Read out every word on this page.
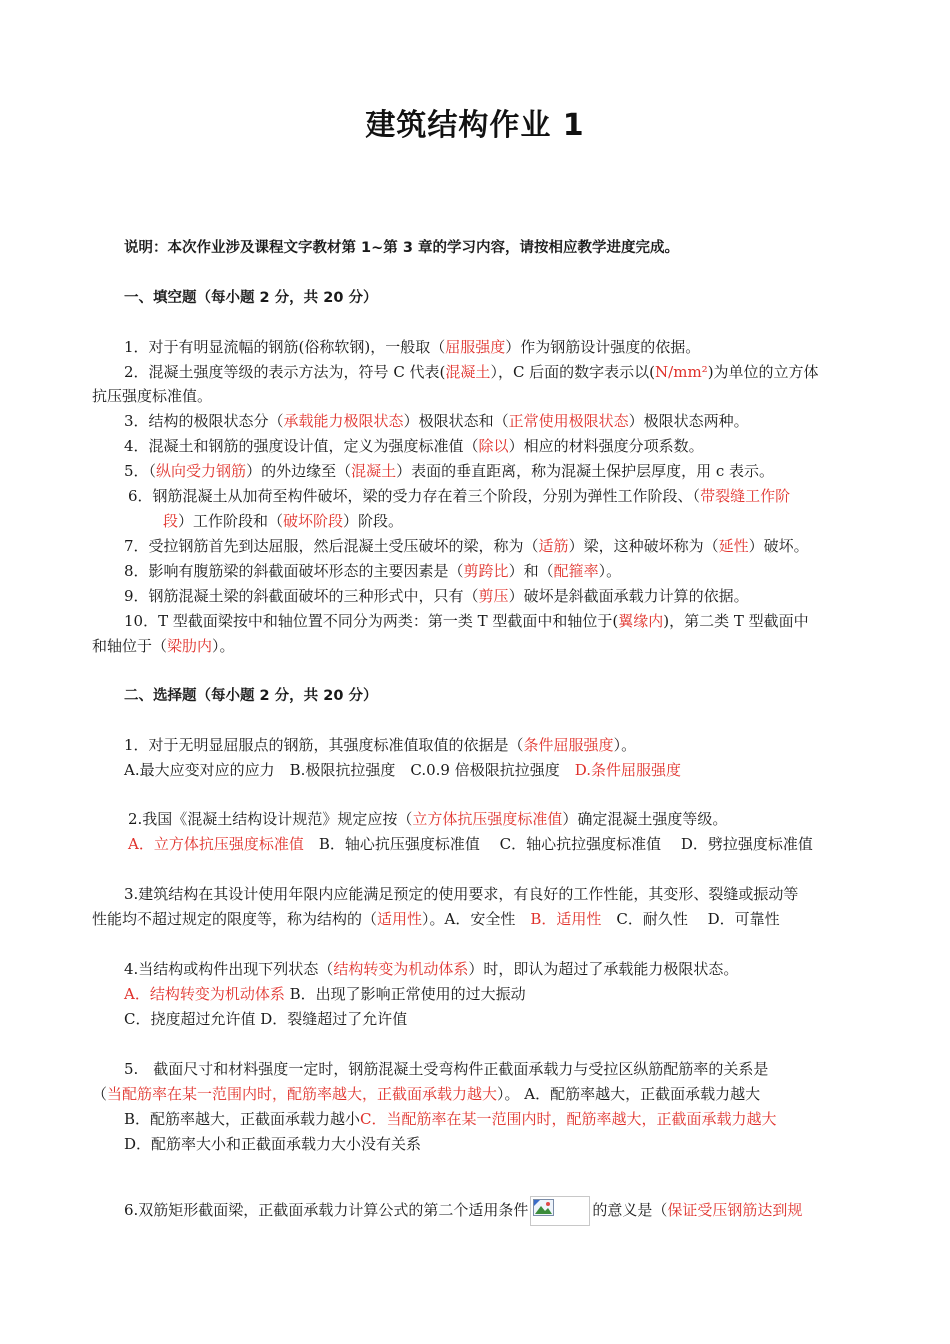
建筑结构作业 1
说明：本次作业涉及课程文字教材第 1~第 3 章的学习内容，请按相应教学进度完成。
一、填空题（每小题 2 分，共 20 分）
1．对于有明显流幅的钢筋(俗称软钢)，一般取（屈服强度）作为钢筋设计强度的依据。
2．混凝土强度等级的表示方法为，符号 C 代表(混凝土），C 后面的数字表示以(N/mm²)为单位的立方体
抗压强度标准值。
3．结构的极限状态分（承载能力极限状态）极限状态和（正常使用极限状态）极限状态两种。
4．混凝土和钢筋的强度设计值，定义为强度标准值（除以）相应的材料强度分项系数。
5．（纵向受力钢筋）的外边缘至（混凝土）表面的垂直距离，称为混凝土保护层厚度，用 c 表示。
6．钢筋混凝土从加荷至构件破坏，梁的受力存在着三个阶段，分别为弹性工作阶段、（带裂缝工作阶
段）工作阶段和（破坏阶段）阶段。
7．受拉钢筋首先到达屈服，然后混凝土受压破坏的梁，称为（适筋）梁，这种破坏称为（延性）破坏。
8．影响有腹筋梁的斜截面破坏形态的主要因素是（剪跨比）和（配箍率）。
9．钢筋混凝土梁的斜截面破坏的三种形式中，只有（剪压）破坏是斜截面承载力计算的依据。
10．T 型截面梁按中和轴位置不同分为两类：第一类 T 型截面中和轴位于(翼缘内)，第二类 T 型截面中
和轴位于（梁肋内）。
二、选择题（每小题 2 分，共 20 分）
1．对于无明显屈服点的钢筋，其强度标准值取值的依据是（条件屈服强度）。
A.最大应变对应的应力　B.极限抗拉强度　C.0.9 倍极限抗拉强度　D.条件屈服强度
2.我国《混凝土结构设计规范》规定应按（立方体抗压强度标准值）确定混凝土强度等级。
A．立方体抗压强度标准值　B．轴心抗压强度标准值　 C．轴心抗拉强度标准值　 D．劈拉强度标准值
3.建筑结构在其设计使用年限内应能满足预定的使用要求，有良好的工作性能，其变形、裂缝或振动等
性能均不超过规定的限度等，称为结构的（适用性）。A．安全性　B．适用性　C．耐久性　 D．可靠性
4.当结构或构件出现下列状态（结构转变为机动体系）时，即认为超过了承载能力极限状态。
A．结构转变为机动体系 B．出现了影响正常使用的过大振动
C．挠度超过允许值 D．裂缝超过了允许值
5.　截面尺寸和材料强度一定时，钢筋混凝土受弯构件正截面承载力与受拉区纵筋配筋率的关系是
（当配筋率在某一范围内时，配筋率越大，正截面承载力越大）。 A．配筋率越大，正截面承载力越大
B．配筋率越大，正截面承载力越小C．当配筋率在某一范围内时，配筋率越大，正截面承载力越大
D．配筋率大小和正截面承载力大小没有关系
6.双筋矩形截面梁，正截面承载力计算公式的第二个适用条件	的意义是（保证受压钢筋达到规
